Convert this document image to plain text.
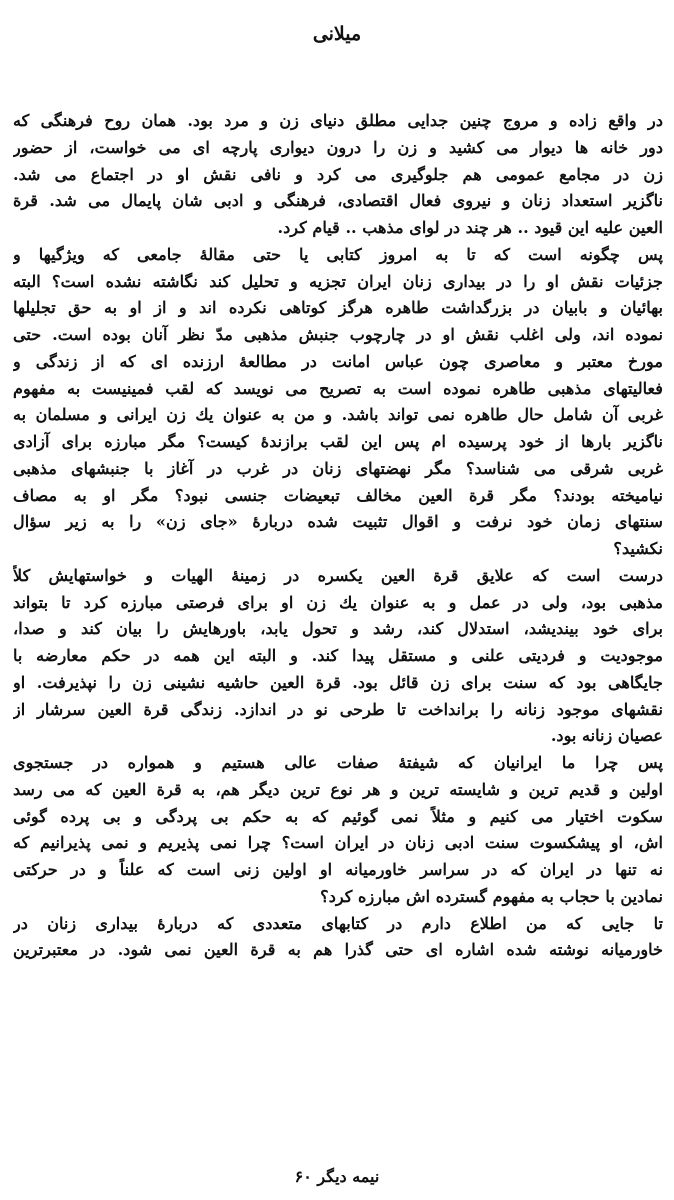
میلانی
در واقع زاده و مروج چنین جدایی مطلق دنیای زن و مرد بود. همان روح فرهنگی که
دور خانه ها دیوار می کشید و زن را درون دیواری پارچه ای می خواست، از حضور
زن در مجامع عمومی هم جلوگیری می کرد و نافی نقش او در اجتماع می شد.
ناگزیر استعداد زنان و نیروی فعال اقتصادی، فرهنگی و ادبی شان پایمال می شد. قرة
العین علیه این قیود .. هر چند در لوای مذهب .. قیام کرد.
پس چگونه است که تا به امروز کتابی یا حتی مقالهٔ جامعی که ویژگیها و
جزئیات نقش او را در بیداری زنان ایران تجزیه و تحلیل کند نگاشته نشده است؟ البته
بهائیان و بابیان در بزرگداشت طاهره هرگز کوتاهی نکرده اند و از او به حق تجلیلها
نموده اند، ولی اغلب نقش او در چارچوب جنبش مذهبی مدّ نظر آنان بوده است. حتی
مورخ معتبر و معاصری چون عباس امانت در مطالعهٔ ارزنده ای که از زندگی و
فعالیتهای مذهبی طاهره نموده است به تصریح می نویسد که لقب فمینیست به مفهوم
غربی آن شامل حال طاهره نمی تواند باشد. و من به عنوان یك زن ایرانی و مسلمان به
ناگزیر بارها از خود پرسیده ام پس این لقب برازندهٔ کیست؟ مگر مبارزه برای آزادی
غربی شرقی می شناسد؟ مگر نهضتهای زنان در غرب در آغاز با جنبشهای مذهبی
نیامیخته بودند؟ مگر قرة العین مخالف تبعیضات جنسی نبود؟ مگر او به مصاف
سنتهای زمان خود نرفت و اقوال تثبیت شده دربارهٔ «جای زن» را به زیر سؤال
نکشید؟
درست است که علایق قرة العین یکسره در زمینهٔ الهیات و خواستهایش کلاً
مذهبی بود، ولی در عمل و به عنوان یك زن او برای فرصتی مبارزه کرد تا بتواند
برای خود بیندیشد، استدلال کند، رشد و تحول یابد، باورهایش را بیان کند و صدا،
موجودیت و فردیتی علنی و مستقل پیدا کند. و البته این همه در حکم معارضه با
جایگاهی بود که سنت برای زن قائل بود. قرة العین حاشیه نشینی زن را نپذیرفت. او
نقشهای موجود زنانه را برانداخت تا طرحی نو در اندازد. زندگی قرة العین سرشار از
عصیان زنانه بود.
پس چرا ما ایرانیان که شیفتهٔ صفات عالی هستیم و همواره در جستجوی
اولین و قدیم ترین و شایسته ترین و هر نوع ترین دیگر هم، به قرة العین که می رسد
سکوت اختیار می کنیم و مثلاً نمی گوئیم که به حکم بی پردگی و بی پرده گوئی
اش، او پیشکسوت سنت ادبی زنان در ایران است؟ چرا نمی پذیریم و نمی پذیرانیم که
نه تنها در ایران که در سراسر خاورمیانه او اولین زنی است که علناً و در حرکتی
نمادین با حجاب به مفهوم گسترده اش مبارزه کرد؟
تا جایی که من اطلاع دارم در کتابهای متعددی که دربارهٔ بیداری زنان در
خاورمیانه نوشته شده اشاره ای حتی گذرا هم به قرة العین نمی شود. در معتبرترین
نیمه دیگر ۶۰
